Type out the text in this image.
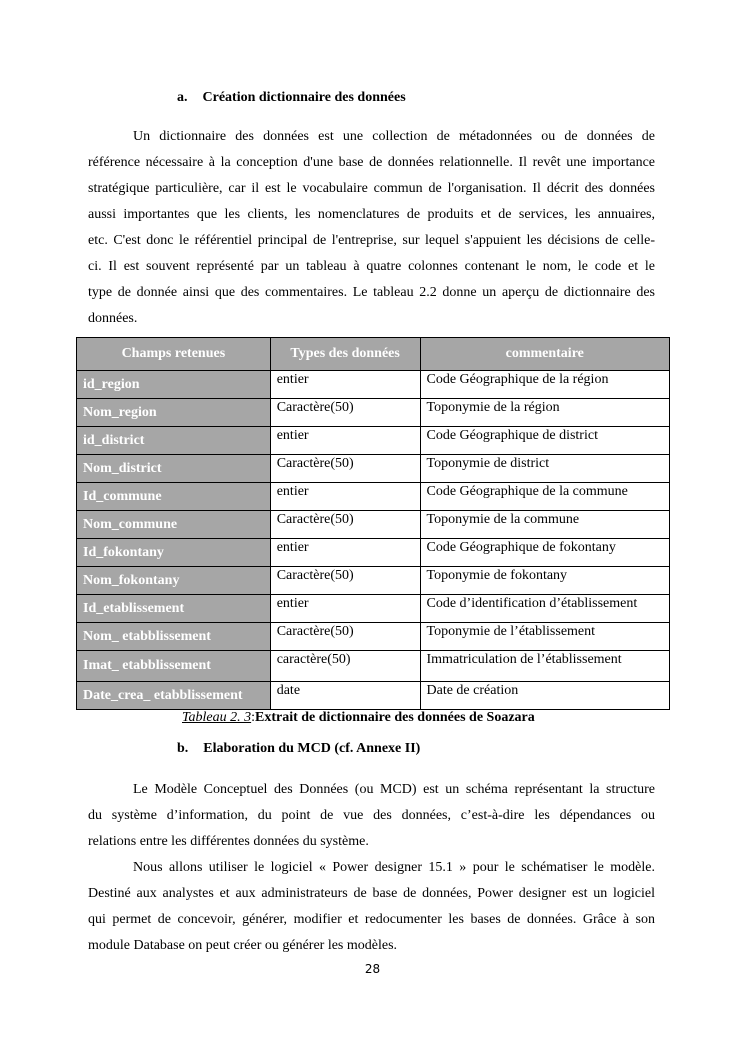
a. Création dictionnaire des données
Un dictionnaire des données est une collection de métadonnées ou de données de
référence nécessaire à la conception d'une base de données relationnelle. Il revêt une importance
stratégique particulière, car il est le vocabulaire commun de l'organisation. Il décrit des données
aussi importantes que les clients, les nomenclatures de produits et de services, les annuaires,
etc. C'est donc le référentiel principal de l'entreprise, sur lequel s'appuient les décisions de celle-
ci. Il est souvent représenté par un tableau à quatre colonnes contenant le nom, le code et le
type de donnée ainsi que des commentaires. Le tableau 2.2 donne un aperçu de dictionnaire des
données.
Champs retenues	Types des données	commentaire
id_region	entier	Code Géographique de la région
Nom_region	Caractère(50)	Toponymie de la région
id_district	entier	Code Géographique de district
Nom_district	Caractère(50)	Toponymie de district
Id_commune	entier	Code Géographique de la commune
Nom_commune	Caractère(50)	Toponymie de la commune
Id_fokontany	entier	Code Géographique de fokontany
Nom_fokontany	Caractère(50)	Toponymie de fokontany
Id_etablissement	entier	Code d’identification d’établissement
Nom_ etabblissement	Caractère(50)	Toponymie de l’établissement
Imat_ etabblissement	caractère(50)	Immatriculation de l’établissement
Date_crea_ etabblissement	date	Date de création
Tableau 2. 3:Extrait de dictionnaire des données de Soazara
b. Elaboration du MCD (cf. Annexe II)
Le Modèle Conceptuel des Données (ou MCD) est un schéma représentant la structure
du système d’information, du point de vue des données, c’est-à-dire les dépendances ou
relations entre les différentes données du système.
Nous allons utiliser le logiciel « Power designer 15.1 » pour le schématiser le modèle.
Destiné aux analystes et aux administrateurs de base de données, Power designer est un logiciel
qui permet de concevoir, générer, modifier et redocumenter les bases de données. Grâce à son
module Database on peut créer ou générer les modèles.
28
